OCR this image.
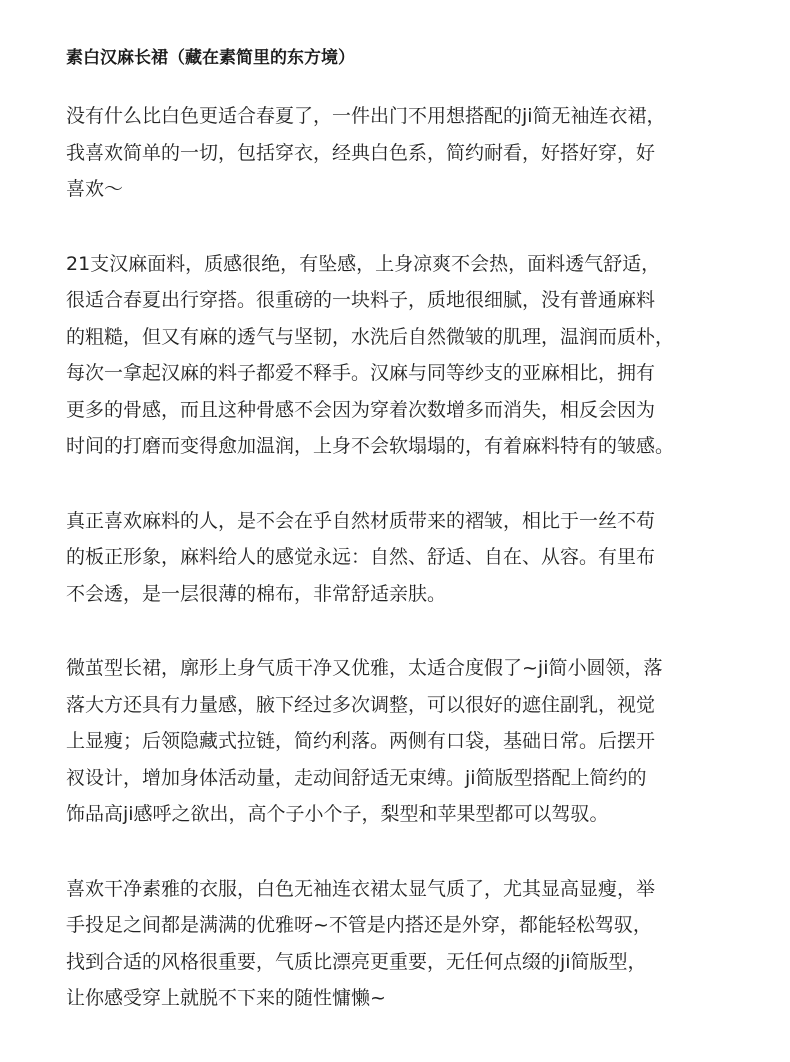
素白汉麻长裙（藏在素简里的东方境）
没有什么比白色更适合春夏了，一件出门不用想搭配的ji简无袖连衣裙，
我喜欢简单的一切，包括穿衣，经典白色系，简约耐看，好搭好穿，好
喜欢～
21支汉麻面料，质感很绝，有坠感，上身凉爽不会热，面料透气舒适，
很适合春夏出行穿搭。很重磅的一块料子，质地很细腻，没有普通麻料
的粗糙，但又有麻的透气与坚韧，水洗后自然微皱的肌理，温润而质朴，
每次一拿起汉麻的料子都爱不释手。汉麻与同等纱支的亚麻相比，拥有
更多的骨感，而且这种骨感不会因为穿着次数增多而消失，相反会因为
时间的打磨而变得愈加温润，上身不会软塌塌的，有着麻料特有的皱感。
真正喜欢麻料的人，是不会在乎自然材质带来的褶皱，相比于一丝不苟
的板正形象，麻料给人的感觉永远：自然、舒适、自在、从容。有里布
不会透，是一层很薄的棉布，非常舒适亲肤。
微茧型长裙，廓形上身气质干净又优雅，太适合度假了~ji简小圆领，落
落大方还具有力量感，腋下经过多次调整，可以很好的遮住副乳，视觉
上显瘦；后领隐藏式拉链，简约利落。两侧有口袋，基础日常。后摆开
衩设计，增加身体活动量，走动间舒适无束缚。ji简版型搭配上简约的
饰品高ji感呼之欲出，高个子小个子，梨型和苹果型都可以驾驭。
喜欢干净素雅的衣服，白色无袖连衣裙太显气质了，尤其显高显瘦，举
手投足之间都是满满的优雅呀~不管是内搭还是外穿，都能轻松驾驭，
找到合适的风格很重要，气质比漂亮更重要，无任何点缀的ji简版型，
让你感受穿上就脱不下来的随性慵懒~
